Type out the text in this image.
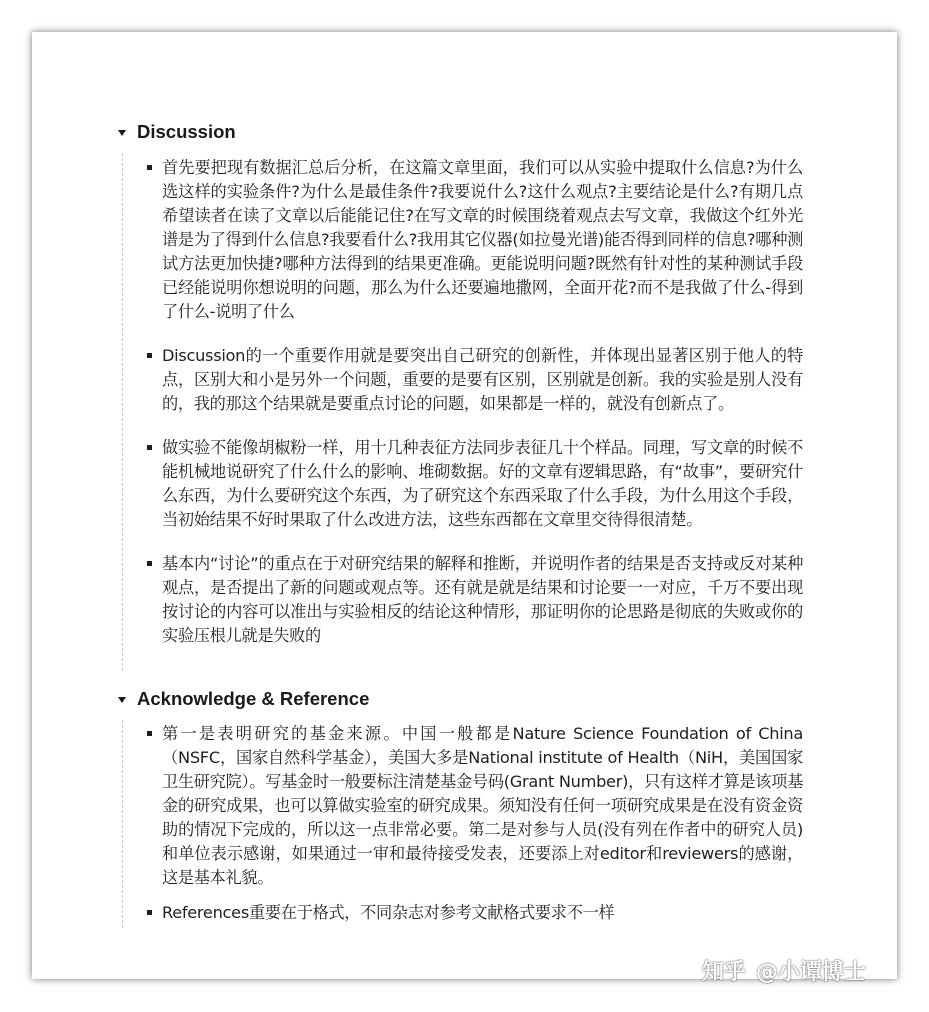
Discussion
首先要把现有数据汇总后分析，在这篇文章里面，我们可以从实验中提取什么信息?为什么选这样的实验条件?为什么是最佳条件?我要说什么?这什么观点?主要结论是什么?有期几点希望读者在读了文章以后能能记住?在写文章的时候围绕着观点去写文章，我做这个红外光谱是为了得到什么信息?我要看什么?我用其它仪器(如拉曼光谱)能否得到同样的信息?哪种测试方法更加快捷?哪种方法得到的结果更准确。更能说明问题?既然有针对性的某种测试手段已经能说明你想说明的问题，那么为什么还要遍地撒网，全面开花?而不是我做了什么-得到了什么-说明了什么
Discussion的一个重要作用就是要突出自己研究的创新性，并体现出显著区别于他人的特点，区别大和小是另外一个问题，重要的是要有区别，区别就是创新。我的实验是别人没有的，我的那这个结果就是要重点讨论的问题，如果都是一样的，就没有创新点了。
做实验不能像胡椒粉一样，用十几种表征方法同步表征几十个样品。同理，写文章的时候不能机械地说研究了什么什么的影响、堆砌数据。好的文章有逻辑思路，有“故事”，要研究什么东西，为什么要研究这个东西，为了研究这个东西采取了什么手段，为什么用这个手段，当初始结果不好时果取了什么改进方法，这些东西都在文章里交待得很清楚。
基本内“讨论”的重点在于对研究结果的解释和推断，并说明作者的结果是否支持或反对某种观点，是否提出了新的问题或观点等。还有就是就是结果和讨论要一一对应，千万不要出现按讨论的内容可以准出与实验相反的结论这种情形，那证明你的论思路是彻底的失败或你的实验压根儿就是失败的
Acknowledge & Reference
第一是表明研究的基金来源。中国一般都是Nature Science Foundation of China（NSFC，国家自然科学基金），美国大多是National institute of Health（NiH，美国国家卫生研究院）。写基金时一般要标注清楚基金号码(Grant Number)，只有这样才算是该项基金的研究成果，也可以算做实验室的研究成果。须知没有任何一项研究成果是在没有资金资助的情况下完成的，所以这一点非常必要。第二是对参与人员(没有列在作者中的研究人员)和单位表示感谢，如果通过一审和最待接受发表，还要添上对editor和reviewers的感谢，这是基本礼貌。
References重要在于格式，不同杂志对参考文献格式要求不一样
知乎 @小谭博士
